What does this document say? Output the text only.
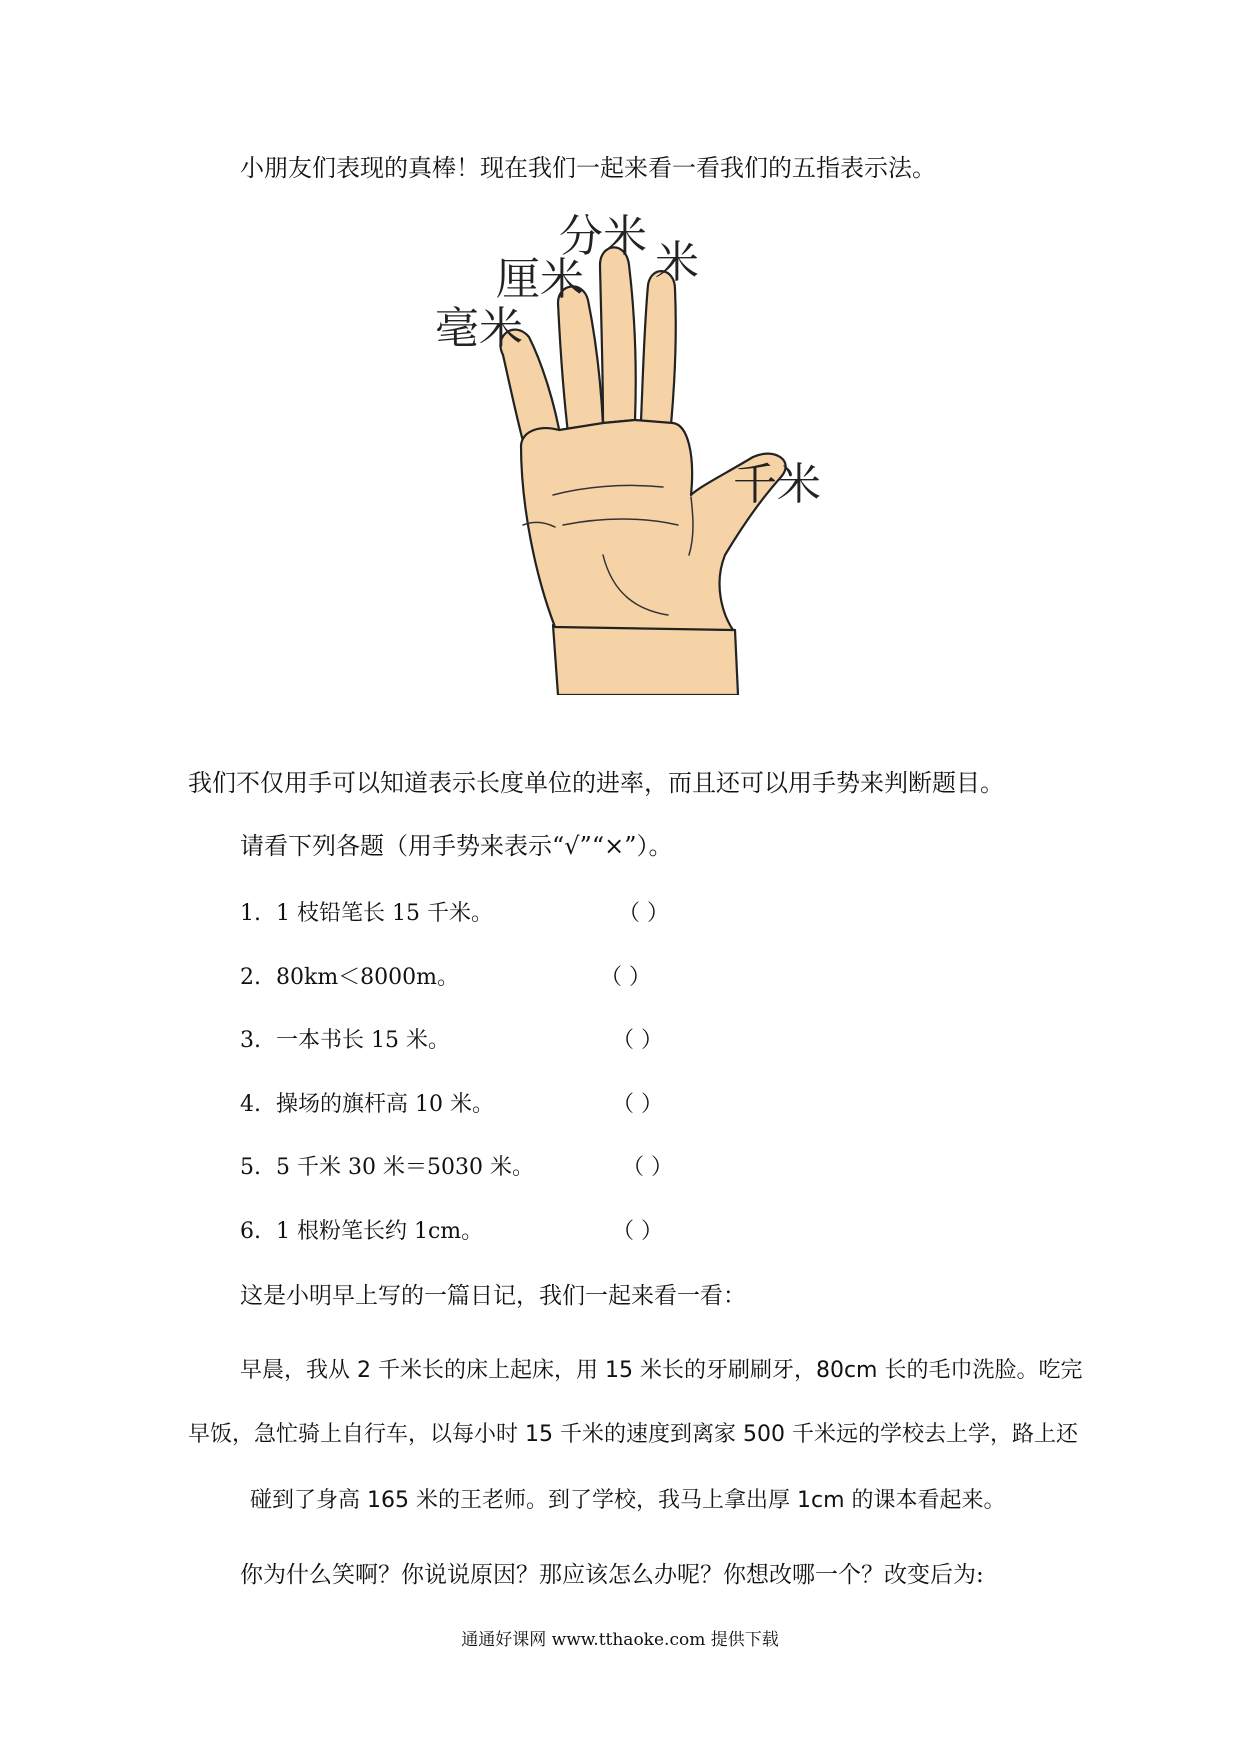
小朋友们表现的真棒！现在我们一起来看一看我们的五指表示法。
毫米
厘米
分米
米
千米
我们不仅用手可以知道表示长度单位的进率，而且还可以用手势来判断题目。
请看下列各题（用手势来表示“√”“×”）。
1. 1 枝铅笔长 15 千米。	（ ）
2. 80km＜8000m。	（ ）
3. 一本书长 15 米。	（ ）
4. 操场的旗杆高 10 米。	（ ）
5. 5 千米 30 米＝5030 米。	（ ）
6. 1 根粉笔长约 1cm。	（ ）
这是小明早上写的一篇日记，我们一起来看一看：
早晨，我从 2 千米长的床上起床，用 15 米长的牙刷刷牙，80cm 长的毛巾洗脸。吃完
早饭，急忙骑上自行车，以每小时 15 千米的速度到离家 500 千米远的学校去上学，路上还
碰到了身高 165 米的王老师。到了学校，我马上拿出厚 1cm 的课本看起来。
你为什么笑啊？你说说原因？那应该怎么办呢？你想改哪一个？改变后为:
通通好课网 www.tthaoke.com 提供下载
